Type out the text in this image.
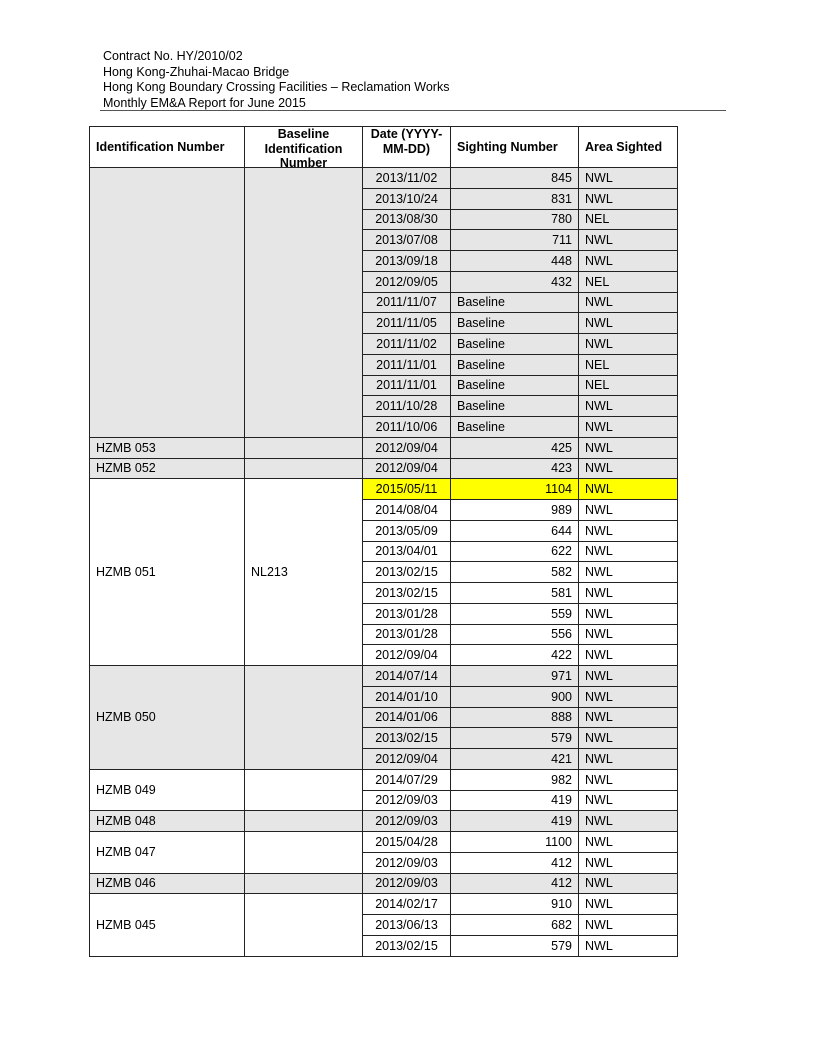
Contract No. HY/2010/02
Hong Kong-Zhuhai-Macao Bridge
Hong Kong Boundary Crossing Facilities – Reclamation Works
Monthly EM&A Report for June 2015
Identification Number	Baseline Identification Number	Date (YYYY-MM-DD)	Sighting Number	Area Sighted
		2013/11/02	845	NWL
		2013/10/24	831	NWL
		2013/08/30	780	NEL
		2013/07/08	711	NWL
		2013/09/18	448	NWL
		2012/09/05	432	NEL
		2011/11/07	Baseline	NWL
		2011/11/05	Baseline	NWL
		2011/11/02	Baseline	NWL
		2011/11/01	Baseline	NEL
		2011/11/01	Baseline	NEL
		2011/10/28	Baseline	NWL
		2011/10/06	Baseline	NWL
HZMB 053		2012/09/04	425	NWL
HZMB 052		2012/09/04	423	NWL
HZMB 051	NL213	2015/05/11	1104	NWL
		2014/08/04	989	NWL
		2013/05/09	644	NWL
		2013/04/01	622	NWL
		2013/02/15	582	NWL
		2013/02/15	581	NWL
		2013/01/28	559	NWL
		2013/01/28	556	NWL
		2012/09/04	422	NWL
HZMB 050		2014/07/14	971	NWL
		2014/01/10	900	NWL
		2014/01/06	888	NWL
		2013/02/15	579	NWL
		2012/09/04	421	NWL
HZMB 049		2014/07/29	982	NWL
		2012/09/03	419	NWL
HZMB 048		2012/09/03	419	NWL
HZMB 047		2015/04/28	1100	NWL
		2012/09/03	412	NWL
HZMB 046		2012/09/03	412	NWL
HZMB 045		2014/02/17	910	NWL
		2013/06/13	682	NWL
		2013/02/15	579	NWL
